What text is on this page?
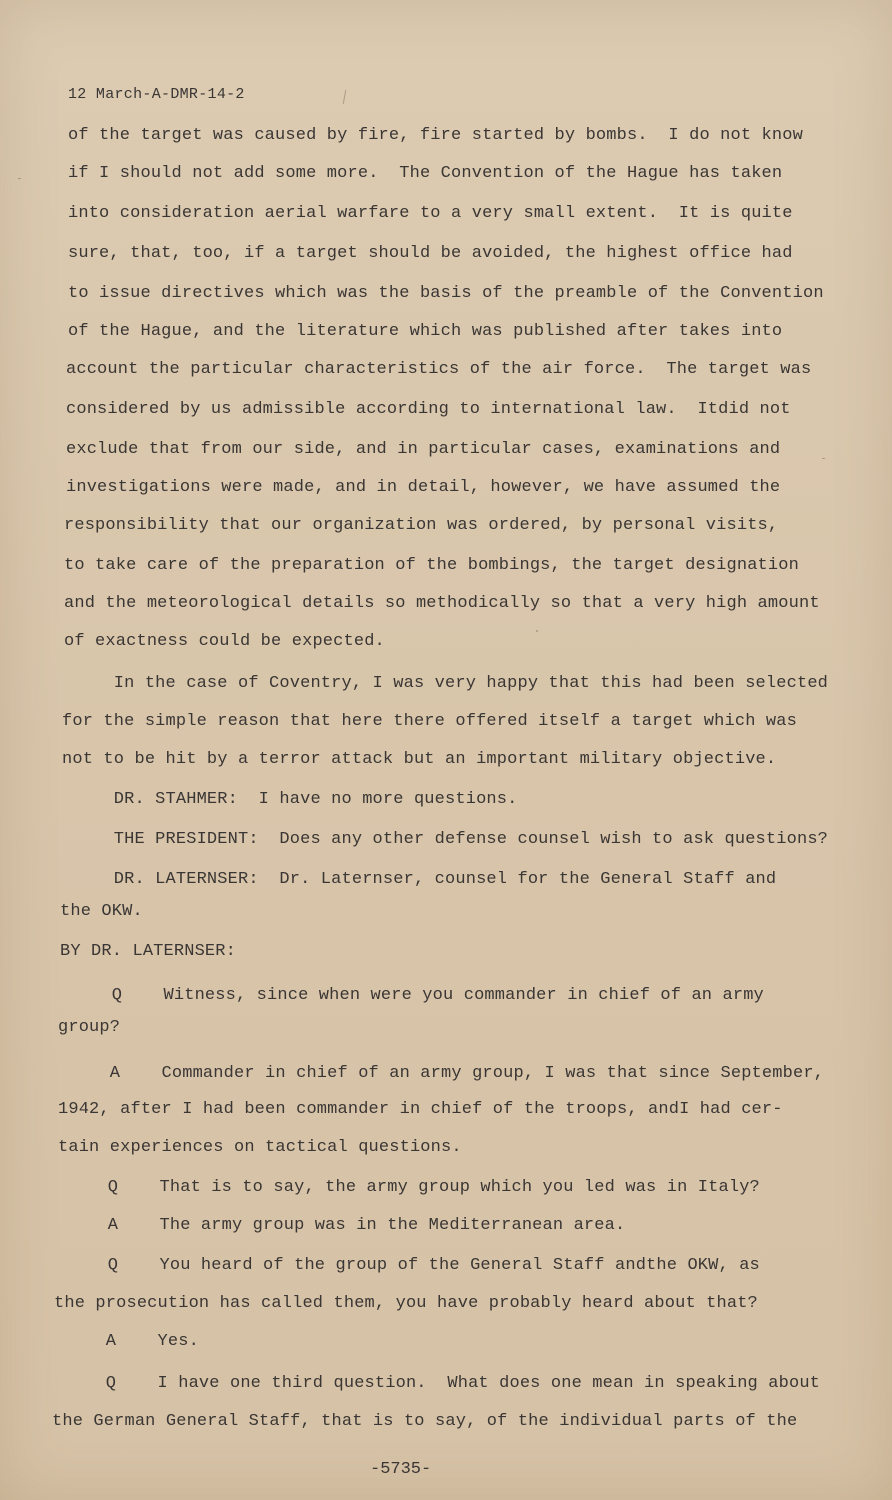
12 March-A-DMR-14-2
of the target was caused by fire, fire started by bombs.  I do not know
if I should not add some more.  The Convention of the Hague has taken
into consideration aerial warfare to a very small extent.  It is quite
sure, that, too, if a target should be avoided, the highest office had
to issue directives which was the basis of the preamble of the Convention
of the Hague, and the literature which was published after takes into
account the particular characteristics of the air force.  The target was
considered by us admissible according to international law.  Itdid not
exclude that from our side, and in particular cases, examinations and
investigations were made, and in detail, however, we have assumed the
responsibility that our organization was ordered, by personal visits,
to take care of the preparation of the bombings, the target designation
and the meteorological details so methodically so that a very high amount
of exactness could be expected.
In the case of Coventry, I was very happy that this had been selected
for the simple reason that here there offered itself a target which was
not to be hit by a terror attack but an important military objective.
DR. STAHMER:  I have no more questions.
THE PRESIDENT:  Does any other defense counsel wish to ask questions?
DR. LATERNSER:  Dr. Laternser, counsel for the General Staff and
the OKW.
BY DR. LATERNSER:
Q    Witness, since when were you commander in chief of an army
group?
A    Commander in chief of an army group, I was that since September,
1942, after I had been commander in chief of the troops, andI had cer-
tain experiences on tactical questions.
Q    That is to say, the army group which you led was in Italy?
A    The army group was in the Mediterranean area.
Q    You heard of the group of the General Staff andthe OKW, as
the prosecution has called them, you have probably heard about that?
A    Yes.
Q    I have one third question.  What does one mean in speaking about
the German General Staff, that is to say, of the individual parts of the
-5735-
